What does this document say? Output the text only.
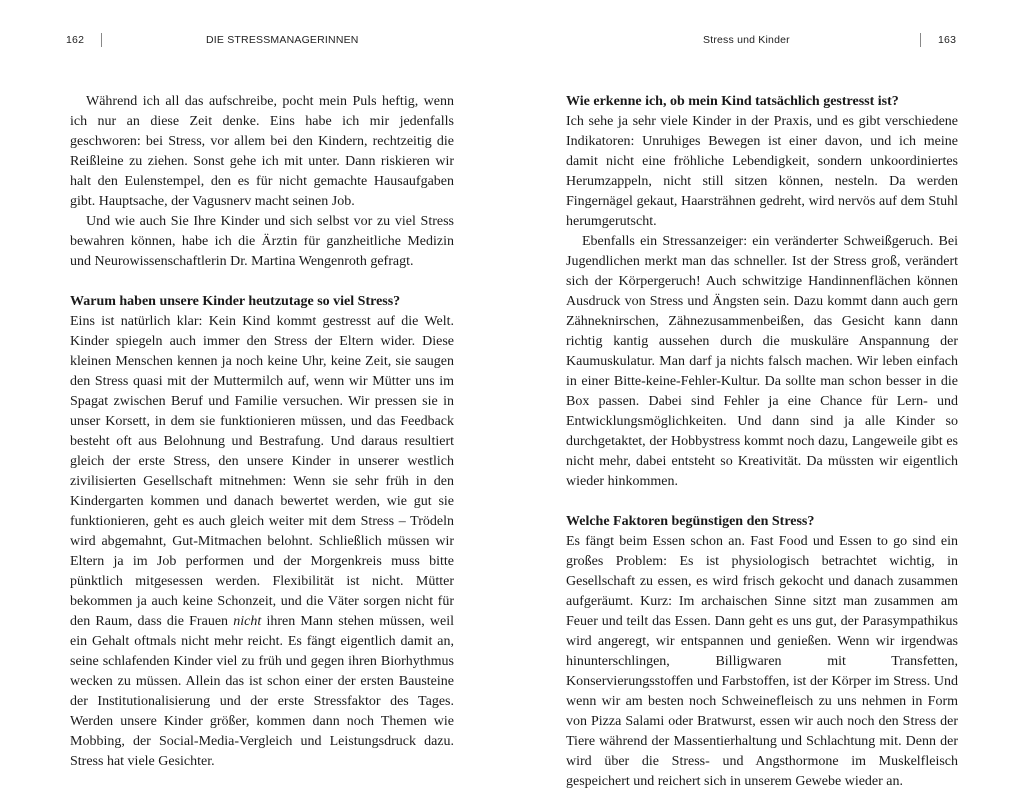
162	DIE STRESSMANAGERINNEN

Während ich all das aufschreibe, pocht mein Puls heftig, wenn ich nur an diese Zeit denke. Eins habe ich mir jedenfalls geschworen: bei Stress, vor allem bei den Kindern, rechtzeitig die Reißleine zu ziehen. Sonst gehe ich mit unter. Dann riskieren wir halt den Eulenstempel, den es für nicht gemachte Hausaufgaben gibt. Hauptsache, der Vagusnerv macht seinen Job.

Und wie auch Sie Ihre Kinder und sich selbst vor zu viel Stress bewahren können, habe ich die Ärztin für ganzheitliche Medizin und Neurowissenschaftlerin Dr. Martina Wengenroth gefragt.

Warum haben unsere Kinder heutzutage so viel Stress?

Eins ist natürlich klar: Kein Kind kommt gestresst auf die Welt. Kinder spiegeln auch immer den Stress der Eltern wider. Diese kleinen Menschen kennen ja noch keine Uhr, keine Zeit, sie saugen den Stress quasi mit der Muttermilch auf, wenn wir Mütter uns im Spagat zwischen Beruf und Familie versuchen. Wir pressen sie in unser Korsett, in dem sie funktionieren müssen, und das Feedback besteht oft aus Belohnung und Bestrafung. Und daraus resultiert gleich der erste Stress, den unsere Kinder in unserer westlich zivilisierten Gesellschaft mitnehmen: Wenn sie sehr früh in den Kindergarten kommen und danach bewertet werden, wie gut sie funktionieren, geht es auch gleich weiter mit dem Stress – Trödeln wird abgemahnt, Gut-Mitmachen belohnt. Schließlich müssen wir Eltern ja im Job performen und der Morgenkreis muss bitte pünktlich mitgesessen werden. Flexibilität ist nicht. Mütter bekommen ja auch keine Schonzeit, und die Väter sorgen nicht für den Raum, dass die Frauen nicht ihren Mann stehen müssen, weil ein Gehalt oftmals nicht mehr reicht. Es fängt eigentlich damit an, seine schlafenden Kinder viel zu früh und gegen ihren Biorhythmus wecken zu müssen. Allein das ist schon einer der ersten Bausteine der Institutionalisierung und der erste Stressfaktor des Tages. Werden unsere Kinder größer, kommen dann noch Themen wie Mobbing, der Social-Media-Vergleich und Leistungsdruck dazu. Stress hat viele Gesichter.

Stress und Kinder	163
Wie erkenne ich, ob mein Kind tatsächlich gestresst ist?

Ich sehe ja sehr viele Kinder in der Praxis, und es gibt verschiedene Indikatoren: Unruhiges Bewegen ist einer davon, und ich meine damit nicht eine fröhliche Lebendigkeit, sondern unkoordiniertes Herumzappeln, nicht still sitzen können, nesteln. Da werden Fingernägel gekaut, Haarsträhnen gedreht, wird nervös auf dem Stuhl herumgerutscht.

Ebenfalls ein Stressanzeiger: ein veränderter Schweißgeruch. Bei Jugendlichen merkt man das schneller. Ist der Stress groß, verändert sich der Körpergeruch! Auch schwitzige Handinnenflächen können Ausdruck von Stress und Ängsten sein. Dazu kommt dann auch gern Zähneknirschen, Zähnezusammenbeißen, das Gesicht kann dann richtig kantig aussehen durch die muskuläre Anspannung der Kaumuskulatur. Man darf ja nichts falsch machen. Wir leben einfach in einer Bitte-keine-Fehler-Kultur. Da sollte man schon besser in die Box passen. Dabei sind Fehler ja eine Chance für Lern- und Entwicklungsmöglichkeiten. Und dann sind ja alle Kinder so durchgetaktet, der Hobbystress kommt noch dazu, Langeweile gibt es nicht mehr, dabei entsteht so Kreativität. Da müssten wir eigentlich wieder hinkommen.

Welche Faktoren begünstigen den Stress?

Es fängt beim Essen schon an. Fast Food und Essen to go sind ein großes Problem: Es ist physiologisch betrachtet wichtig, in Gesellschaft zu essen, es wird frisch gekocht und danach zusammen aufgeräumt. Kurz: Im archaischen Sinne sitzt man zusammen am Feuer und teilt das Essen. Dann geht es uns gut, der Parasympathikus wird angeregt, wir entspannen und genießen. Wenn wir irgendwas hinunterschlingen, Billigwaren mit Transfetten, Konservierungsstoffen und Farbstoffen, ist der Körper im Stress. Und wenn wir am besten noch Schweinefleisch zu uns nehmen in Form von Pizza Salami oder Bratwurst, essen wir auch noch den Stress der Tiere während der Massentierhaltung und Schlachtung mit. Denn der wird über die Stress- und Angsthormone im Muskelfleisch gespeichert und reichert sich in unserem Gewebe wieder an.
